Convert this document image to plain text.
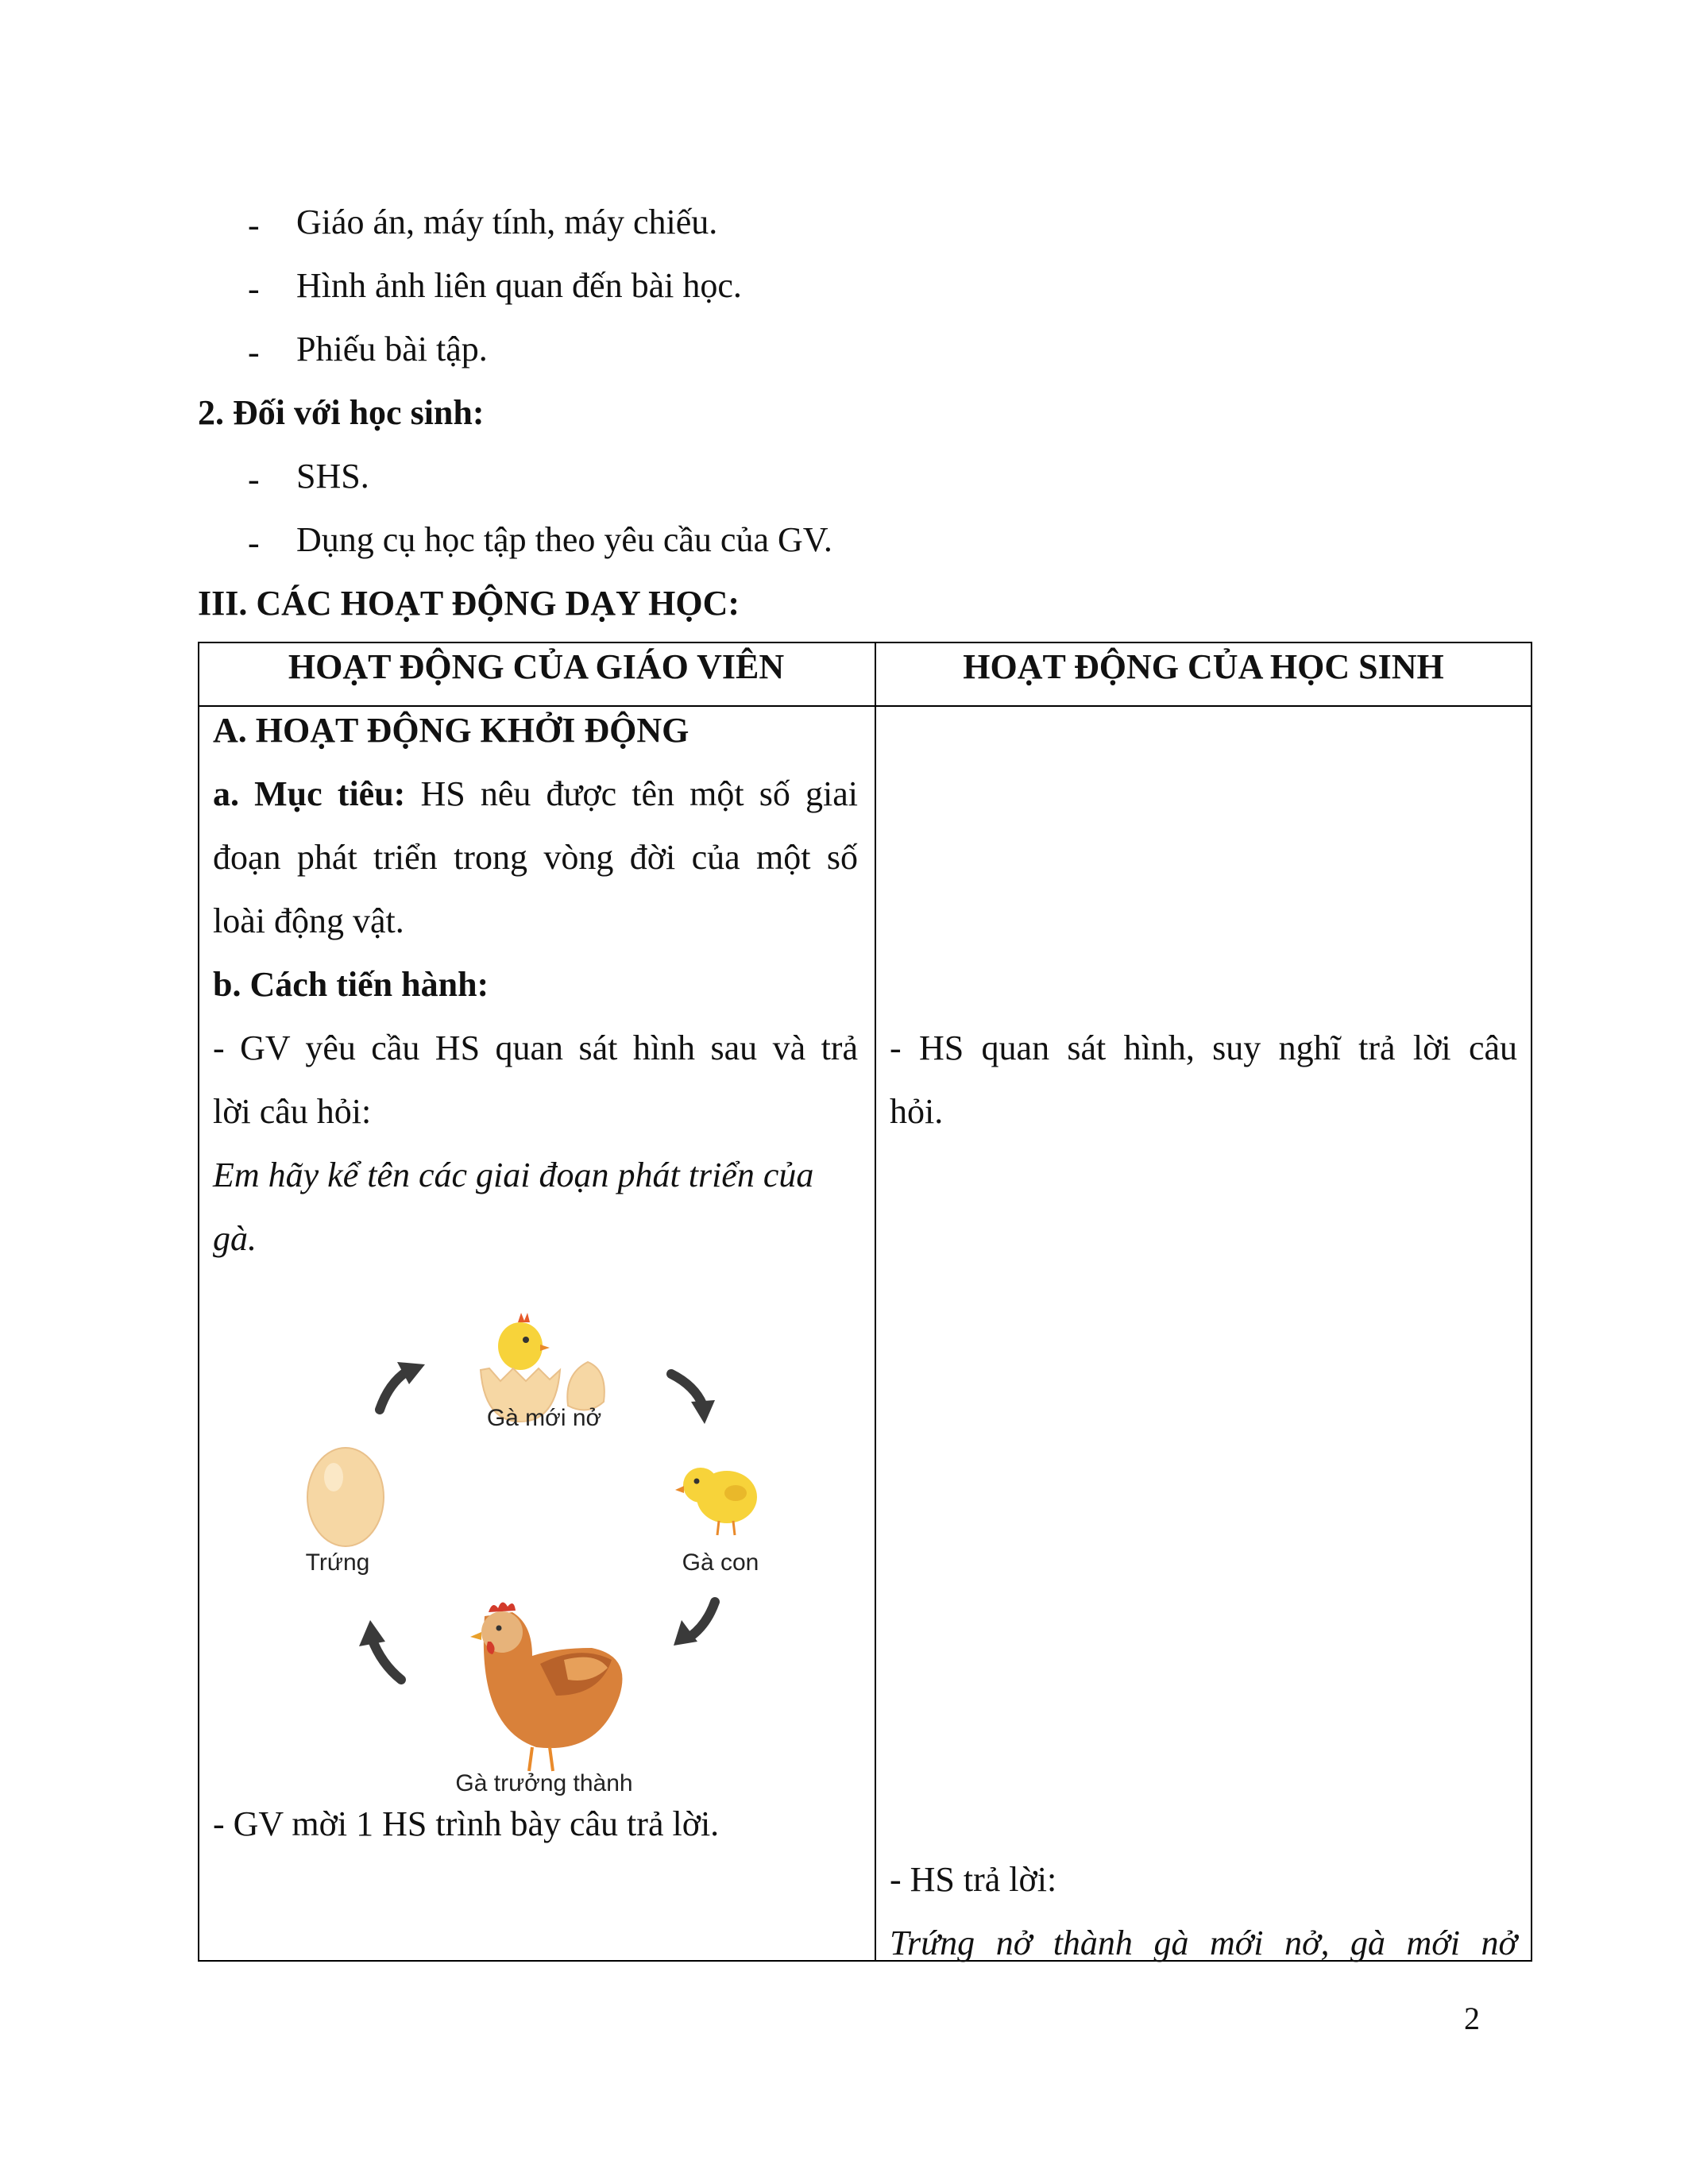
- Giáo án, máy tính, máy chiếu.
- Hình ảnh liên quan đến bài học.
- Phiếu bài tập.
2. Đối với học sinh:
- SHS.
- Dụng cụ học tập theo yêu cầu của GV.
III. CÁC HOẠT ĐỘNG DẠY HỌC:
HOẠT ĐỘNG CỦA GIÁO VIÊN	HOẠT ĐỘNG CỦA HỌC SINH
A. HOẠT ĐỘNG KHỞI ĐỘNG
a. Mục tiêu: HS nêu được tên một số giai
đoạn phát triển trong vòng đời của một số
loài động vật.
b. Cách tiến hành:
- GV yêu cầu HS quan sát hình sau và trả
lời câu hỏi:
Em hãy kể tên các giai đoạn phát triển của
gà.
Gà mới nở
Gà con
Gà trưởng thành
Trứng
- GV mời 1 HS trình bày câu trả lời.
- HS quan sát hình, suy nghĩ trả lời câu
hỏi.
- HS trả lời:
Trứng nở thành gà mới nở, gà mới nở
2
